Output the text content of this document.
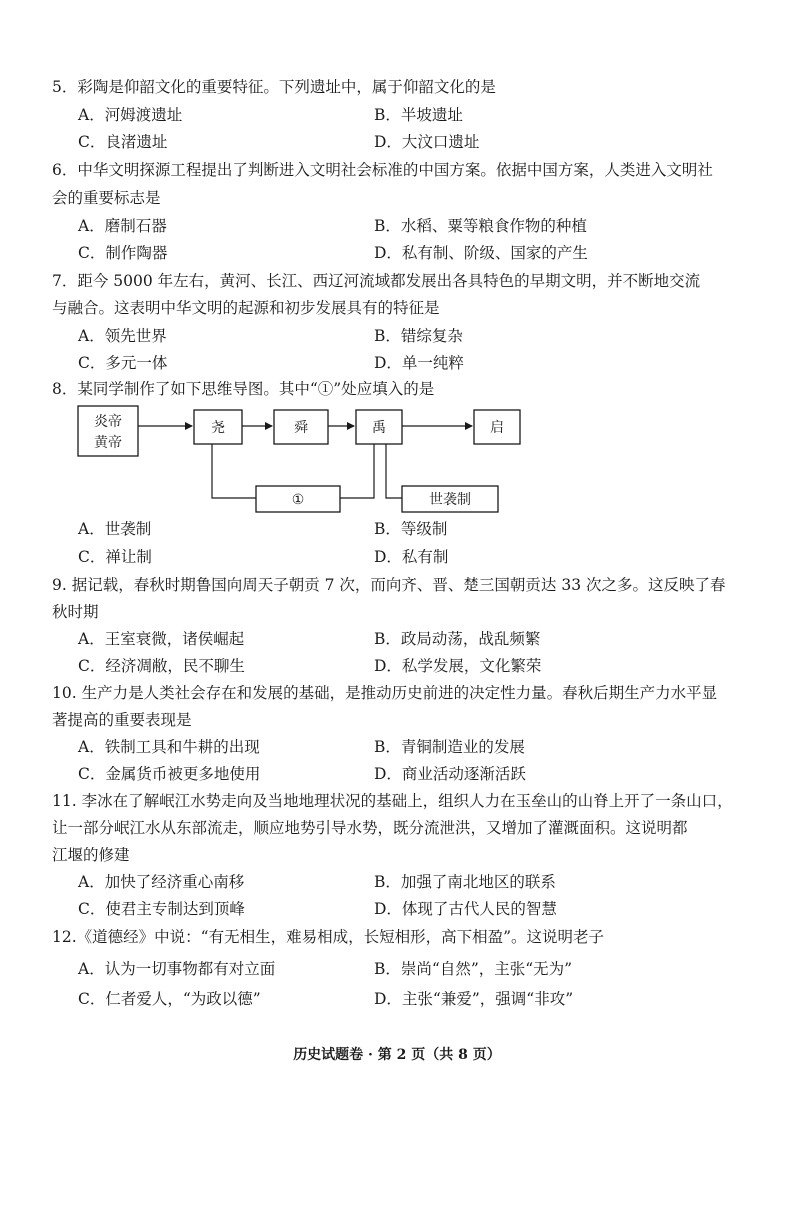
5．彩陶是仰韶文化的重要特征。下列遗址中，属于仰韶文化的是
A．河姆渡遗址	B．半坡遗址
C．良渚遗址	D．大汶口遗址
6．中华文明探源工程提出了判断进入文明社会标准的中国方案。依据中国方案，人类进入文明社
会的重要标志是
A．磨制石器	B．水稻、粟等粮食作物的种植
C．制作陶器	D．私有制、阶级、国家的产生
7．距今 5000 年左右，黄河、长江、西辽河流域都发展出各具特色的早期文明，并不断地交流
与融合。这表明中华文明的起源和初步发展具有的特征是
A．领先世界	B．错综复杂
C．多元一体	D．单一纯粹
8．某同学制作了如下思维导图。其中“①”处应填入的是
炎帝
黄帝
尧	舜	禹	启
①	世袭制
A．世袭制	B．等级制
C．禅让制	D．私有制
9. 据记载，春秋时期鲁国向周天子朝贡 7 次，而向齐、晋、楚三国朝贡达 33 次之多。这反映了春
秋时期
A．王室衰微，诸侯崛起	B．政局动荡，战乱频繁
C．经济凋敝，民不聊生	D．私学发展，文化繁荣
10. 生产力是人类社会存在和发展的基础，是推动历史前进的决定性力量。春秋后期生产力水平显
著提高的重要表现是
A．铁制工具和牛耕的出现	B．青铜制造业的发展
C．金属货币被更多地使用	D．商业活动逐渐活跃
11. 李冰在了解岷江水势走向及当地地理状况的基础上，组织人力在玉垒山的山脊上开了一条山口，
让一部分岷江水从东部流走，顺应地势引导水势，既分流泄洪，又增加了灌溉面积。这说明都
江堰的修建
A．加快了经济重心南移	B．加强了南北地区的联系
C．使君主专制达到顶峰	D．体现了古代人民的智慧
12.《道德经》中说：“有无相生，难易相成，长短相形，高下相盈”。这说明老子
A．认为一切事物都有对立面	B．崇尚“自然”，主张“无为”
C．仁者爱人，“为政以德”	D．主张“兼爱”，强调“非攻”
历史试题卷 · 第 2 页（共 8 页）
